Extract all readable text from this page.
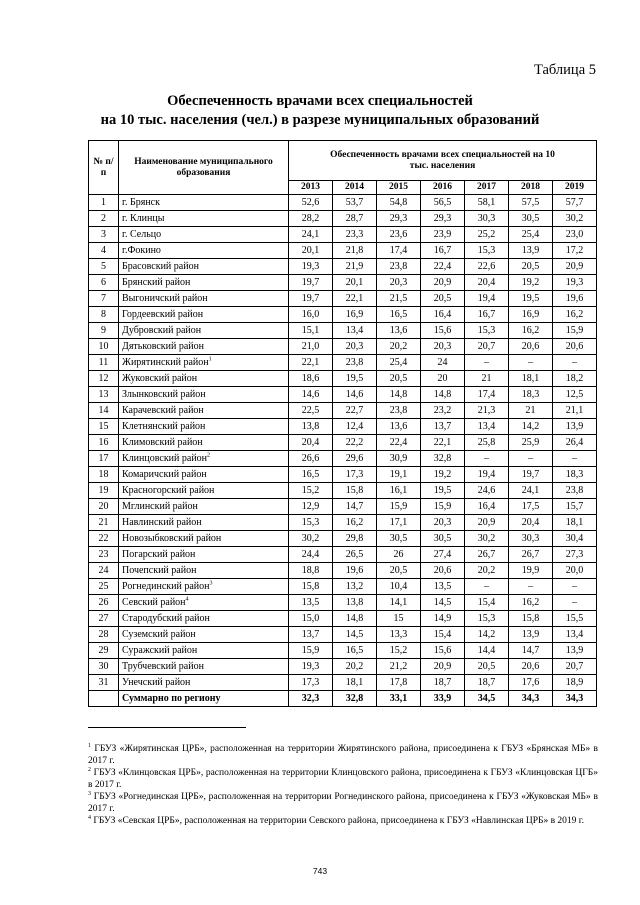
Таблица 5
Обеспеченность врачами всех специальностей
на 10 тыс. населения (чел.) в разрезе муниципальных образований
№ п/п	Наименование муниципального образования	Обеспеченность врачами всех специальностей на 10 тыс. населения						
		2013	2014	2015	2016	2017	2018	2019
1	г. Брянск	52,6	53,7	54,8	56,5	58,1	57,5	57,7
2	г. Клинцы	28,2	28,7	29,3	29,3	30,3	30,5	30,2
3	г. Сельцо	24,1	23,3	23,6	23,9	25,2	25,4	23,0
4	г.Фокино	20,1	21,8	17,4	16,7	15,3	13,9	17,2
5	Брасовский район	19,3	21,9	23,8	22,4	22,6	20,5	20,9
6	Брянский район	19,7	20,1	20,3	20,9	20,4	19,2	19,3
7	Выгоничский район	19,7	22,1	21,5	20,5	19,4	19,5	19,6
8	Гордеевский район	16,0	16,9	16,5	16,4	16,7	16,9	16,2
9	Дубровский район	15,1	13,4	13,6	15,6	15,3	16,2	15,9
10	Дятьковский район	21,0	20,3	20,2	20,3	20,7	20,6	20,6
11	Жирятинский район$^1$	22,1	23,8	25,4	24	–	–	–
12	Жуковский район	18,6	19,5	20,5	20	21	18,1	18,2
13	Злынковский район	14,6	14,6	14,8	14,8	17,4	18,3	12,5
14	Карачевский район	22,5	22,7	23,8	23,2	21,3	21	21,1
15	Клетнянский район	13,8	12,4	13,6	13,7	13,4	14,2	13,9
16	Климовский район	20,4	22,2	22,4	22,1	25,8	25,9	26,4
17	Клинцовский район$^2$	26,6	29,6	30,9	32,8	–	–	–
18	Комаричский район	16,5	17,3	19,1	19,2	19,4	19,7	18,3
19	Красногорский район	15,2	15,8	16,1	19,5	24,6	24,1	23,8
20	Мглинский район	12,9	14,7	15,9	15,9	16,4	17,5	15,7
21	Навлинский район	15,3	16,2	17,1	20,3	20,9	20,4	18,1
22	Новозыбковский район	30,2	29,8	30,5	30,5	30,2	30,3	30,4
23	Погарский район	24,4	26,5	26	27,4	26,7	26,7	27,3
24	Почепский район	18,8	19,6	20,5	20,6	20,2	19,9	20,0
25	Рогнединский район$^3$	15,8	13,2	10,4	13,5	–	–	–
26	Севский район$^4$	13,5	13,8	14,1	14,5	15,4	16,2	–
27	Стародубский район	15,0	14,8	15	14,9	15,3	15,8	15,5
28	Суземский район	13,7	14,5	13,3	15,4	14,2	13,9	13,4
29	Суражский район	15,9	16,5	15,2	15,6	14,4	14,7	13,9
30	Трубчевский район	19,3	20,2	21,2	20,9	20,5	20,6	20,7
31	Унечский район	17,3	18,1	17,8	18,7	18,7	17,6	18,9
	Суммарно по региону	32,3	32,8	33,1	33,9	34,5	34,3	34,3

$^1$ ГБУЗ «Жирятинская ЦРБ», расположенная на территории Жирятинского района, присоединена к ГБУЗ «Брянская МБ» в 2017 г.

$^2$ ГБУЗ «Клинцовская ЦРБ», расположенная на территории Клинцовского района, присоединена к ГБУЗ «Клинцовская ЦГБ» в 2017 г.

$^3$ ГБУЗ «Рогнединская ЦРБ», расположенная на территории Рогнединского района, присоединена к ГБУЗ «Жуковская МБ» в 2017 г.

$^4$ ГБУЗ «Севская ЦРБ», расположенная на территории Севского района, присоединена к ГБУЗ «Навлинская ЦРБ» в 2019 г.

743
